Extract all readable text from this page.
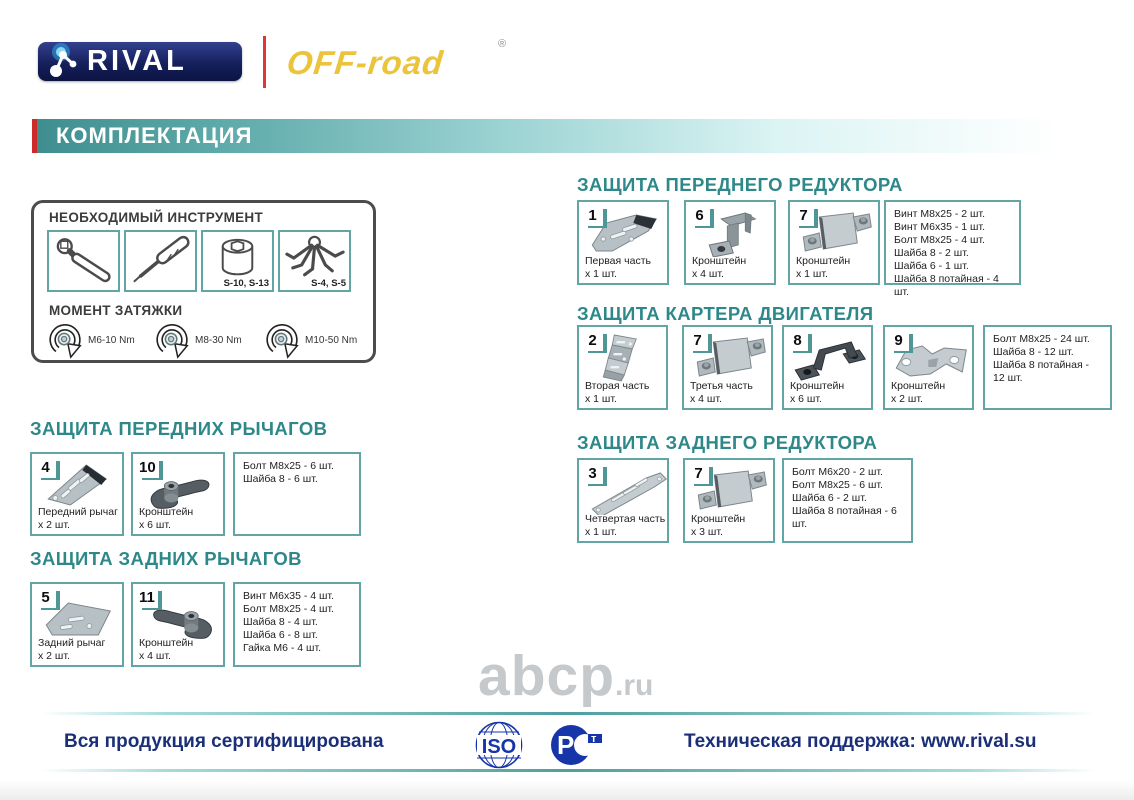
RIVAL	OFF-road	®
КОМПЛЕКТАЦИЯ
НЕОБХОДИМЫЙ ИНСТРУМЕНТ
S-10, S-13	S-4, S-5
МОМЕНТ ЗАТЯЖКИ
M6-10 Nm	M8-30 Nm	M10-50 Nm
ЗАЩИТА ПЕРЕДНИХ РЫЧАГОВ
4
Передний рычаг
x 2 шт.
10
Кронштейн
x 6 шт.
Болт М8х25 - 6 шт.
Шайба 8 - 6 шт.
ЗАЩИТА ЗАДНИХ РЫЧАГОВ
5
Задний рычаг
x 2 шт.
11
Кронштейн
x 4 шт.
Винт М6х35 - 4 шт.
Болт М8х25 - 4 шт.
Шайба 8 - 4 шт.
Шайба 6 - 8 шт.
Гайка М6 - 4 шт.
ЗАЩИТА ПЕРЕДНЕГО РЕДУКТОРА
1
Первая часть
x 1 шт.
6
Кронштейн
x 4 шт.
7
Кронштейн
x 1 шт.
Винт М8х25 - 2 шт.
Винт М6х35 - 1 шт.
Болт М8х25 - 4 шт.
Шайба 8 - 2 шт.
Шайба 6 - 1 шт.
Шайба 8 потайная - 4 шт.
ЗАЩИТА КАРТЕРА ДВИГАТЕЛЯ
2
Вторая часть
x 1 шт.
7
Третья часть
x 4 шт.
8
Кронштейн
x 6 шт.
9
Кронштейн
x 2 шт.
Болт М8х25 - 24 шт.
Шайба 8 - 12 шт.
Шайба 8 потайная - 12 шт.
ЗАЩИТА ЗАДНЕГО РЕДУКТОРА
3
Четвертая часть
x 1 шт.
7
Кронштейн
x 3 шт.
Болт М6х20 - 2 шт.
Болт М8х25 - 6 шт.
Шайба 6 - 2 шт.
Шайба 8 потайная - 6 шт.
abcp .ru
Вся продукция сертифицирована	ISO Р т	Техническая поддержка: www.rival.su
